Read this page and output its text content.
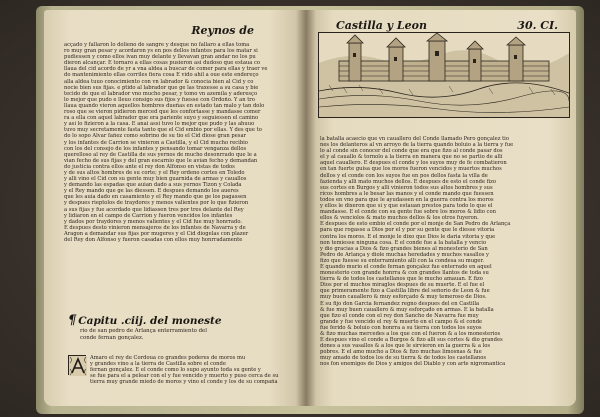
Reynos de
acçado y fallaron lo dolieno de sangre y desque no fallaro a ellas toma
ro muy gran pesar y acordaron ys en pos dellos infantes para los matar si
pudiessen y como ellos ivan muy delante y llevavan gran andar no los pu
dieron alcançar. E tornaro a ellas cosas pusieron asi dudoso que estaua co
llaua del cid acordo de yr a vna aldea a buscar de comer para ellas y traer ve
do mantenimiento ellas corriles fiera cosa E vido ahil a oue este endereço
alla aldea tuuo conocimiento con vn labrador & conocia bien al Cid y co
nocie bien sus fijas. e ptido al labrador que ge las traxesse a su casa y bie
tecido de que el labrador vno mucho pesar, y tomo vn azemila y aderesço
lo mejor que pudo e lleuo consigo sus fijos y fuesse con Ordoño. Y an tro
llaua quando vieron aquellos hombres dueñas en estado tan malo y tan dolo
roso que se vieron pidieron merced que les confortasse y mandasse comer
ra a ella con aquel labrador que era pariente suyo y seguiessen el camino
y asi lo fizieron a la casa. E anai assi tuvo lo mejor que pudo y las ahuuo
tuvo muy secretamente fasta tanto que el Cid embio por ellas. Y des que to
do lo sopo Alvar fañez como sobrino de su tio el Cid diose gran pesar
y los infantes de Carrion se vinieron a Castilla, y el Cid mucho recibio
con los del consejo de los infantes y pensando tomar venganza dellos
querelloso al rey de Castilla de sus yernos de mucho desonrrado que le a
vian fecho de sus fijas y del gran escarnio que le avian fecho y demandan
do justicia contra ellos ante el rey don Alfonso en vistas de todos
y de sus altos hombres de su corte; y el Rey ordeno cortes en Toledo
y alli vino el Cid con su gente muy bien guarnida de armas y cauallos
y demando las espadas que auian dado a sus yernos Tizon y Colada
y el Rey mando que ge las diessen. E despues demando los aueres
que les auia dado en casamiento y el Rey mando que ge los pagassen
y despues rieptolos de traydores y menos valientes por lo que fizieron
a sus fijas y fue acordado que lidiassen tres por tres delante del Rey
y lidiaron en el campo de Carrion y fueron vencidos los infantes
y dados por traydores y menos valientes y el Cid fue muy honrrado.
E despues desto vinieron mensajeros de los infantes de Navarra y de
Aragon a demandar sus fijas por mugeres y el Cid diogelas con plazer
del Rey don Alfonso y fueron casadas con ellos muy honrradamente
¶ Capitu .ciij. del moneste
rio de san pedro de Arlança enterramiento del
conde fernan gonçalez.
Amaro el rey de Cordoua co grandes poderes de moros mu
y grandes vino a la tierra de Castilla sobre el conde
fernan gonçalez. E el conde como lo supo ayunto toda su gente y
se fue para el a pelear con el y fue vencido y muerto y puso cerca de su
tierra muy grande miedo de moros y vino el conde y los de su compaña
Castilla y Leon	30. CI.
la batalla acaecio que vn cauallero del Conde llamado Pero gonçalez tio
nes los delanteros al vn arroyo de la tierra quando boluio a la tierra y fue
lo al conde sin conocer del conde que era que fizo al conde pasar dos
el y al cauallo & tornolo a la tierra en manera que no se partio de alli
aquel cauallero. E despues el conde y los suyos muy de fe combatieron
en tan fuerte guisa que los moros fueron vencidos y muertos muchos
dellos y el conde con los suyos fue en pos dellos fasta la villa de
fazienda y alli mato muchos dellos. E despues de esto el conde fizo
sus cortes en Burgos y alli vinieron todos sus altos hombres y sus
ricos hombres a le besar las manos y el conde mando que fuessen
todos en vno para que le ayudassen en la guerra contra los moros
y ellos le dixeron que si y que estauan prestos para todo lo que el
mandasse. E el conde con su gente fue sobre los moros & lidio con
ellos & venciolos & mato muchos dellos & los otros fuyeron.
E despues de esto embio el conde por el monje de San Pedro de Arlança
para que rogasse a Dios por el y por su gente que le diesse vitoria
contra los moros. E el monje le dixo que Dios le daria vitoria y que
non temiesse ninguna cosa. E el conde fue a la batalla y vencio
y dio gracias a Dios & fizo grandes bienes al monesterio de San
Pedro de Arlança y diole muchas heredades y muchos vasallos y
fizo que fuesse su enterramiento alli con la condesa su muger.
E quando murio el conde fernan gonçalez fue enterrado en aquel
monesterio con grande honrra & con grandes llantos de toda su
tierra & de todos los castellanos que le mucho amauan. E fizo
Dios por el muchos miraglos despues de su muerte. E el fue el
que primeramente fizo a Castilla libre del señorio de Leon & fue
muy buen cauallero & muy esforçado & muy temeroso de Dios.
E su fijo don Garcia fernandez regno despues del en Castilla
& fue muy buen cauallero & muy esforçado en armas. E la batalla
que fizo el conde con el rey don Sancho de Navarra fue muy
grande y fue vencido el rey & muerto en el campo & el conde
fue ferido & boluio con honrra a su tierra con todos los suyos
& fizo muchas mercedes a los que con el fueron & a los monesterios
E despues vino el conde a Burgos & fizo alli sus cortes & dio grandes
dones a sus vasallos & a los que le sirvieron en la guerra & a los
pobres. E el amo mucho a Dios & fizo muchas limosnas & fue
muy amado de todos los de su tierra & de todos los castellanos
nos fon enemigos de Dios y amigos del Diablo y con arte nigromantica
